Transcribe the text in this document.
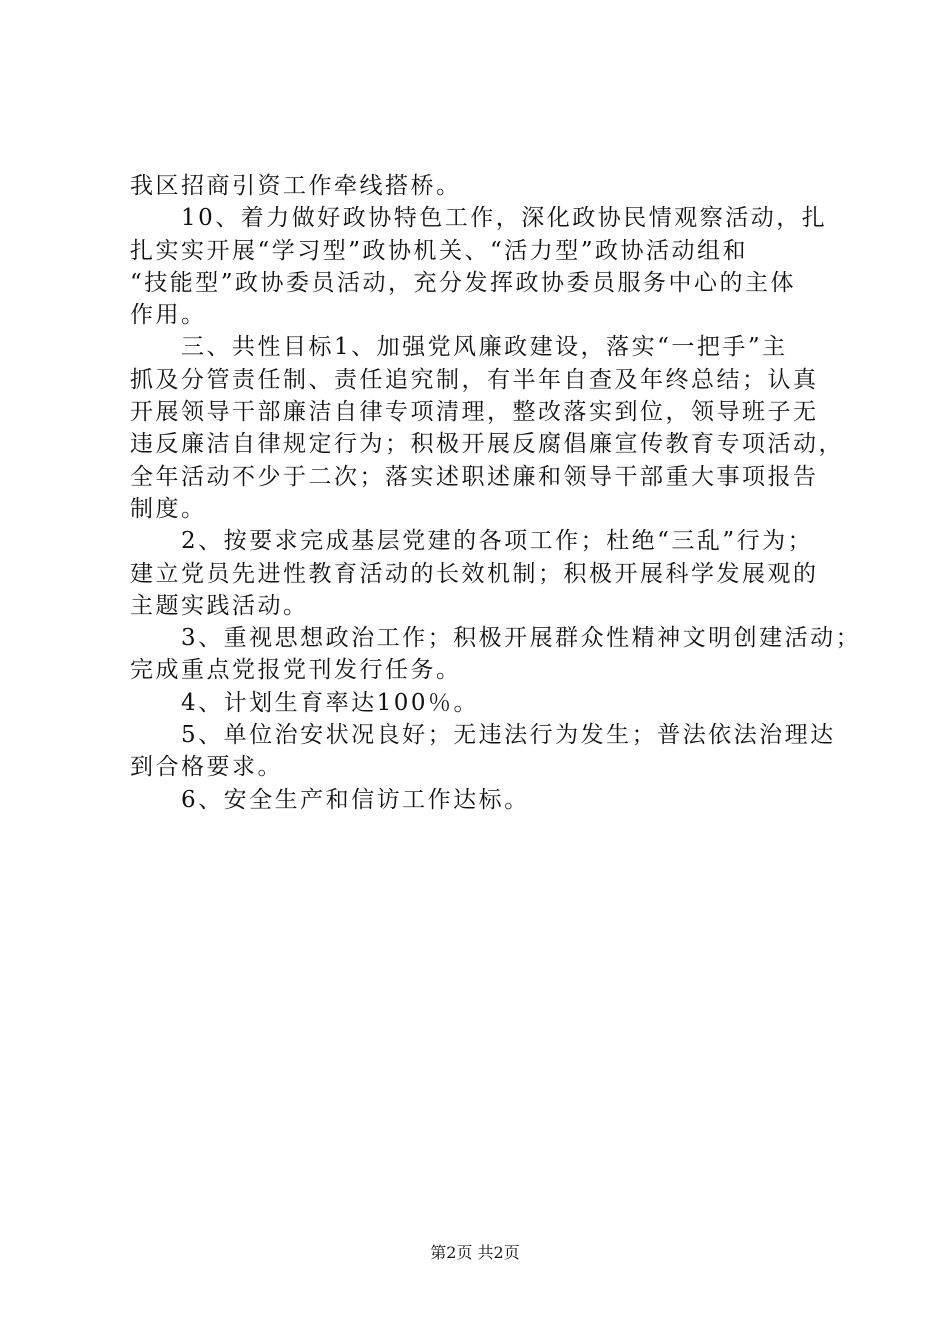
我区招商引资工作牵线搭桥。
　　10、着力做好政协特色工作，深化政协民情观察活动，扎
扎实实开展“学习型”政协机关、“活力型”政协活动组和
“技能型”政协委员活动，充分发挥政协委员服务中心的主体
作用。
　　三、共性目标1、加强党风廉政建设，落实“一把手”主
抓及分管责任制、责任追究制，有半年自查及年终总结；认真
开展领导干部廉洁自律专项清理，整改落实到位，领导班子无
违反廉洁自律规定行为；积极开展反腐倡廉宣传教育专项活动，
全年活动不少于二次；落实述职述廉和领导干部重大事项报告
制度。
　　2、按要求完成基层党建的各项工作；杜绝“三乱”行为；
建立党员先进性教育活动的长效机制；积极开展科学发展观的
主题实践活动。
　　3、重视思想政治工作；积极开展群众性精神文明创建活动；
完成重点党报党刊发行任务。
　　4、计划生育率达100％。
　　5、单位治安状况良好；无违法行为发生；普法依法治理达
到合格要求。
　　6、安全生产和信访工作达标。
第2页 共2页
